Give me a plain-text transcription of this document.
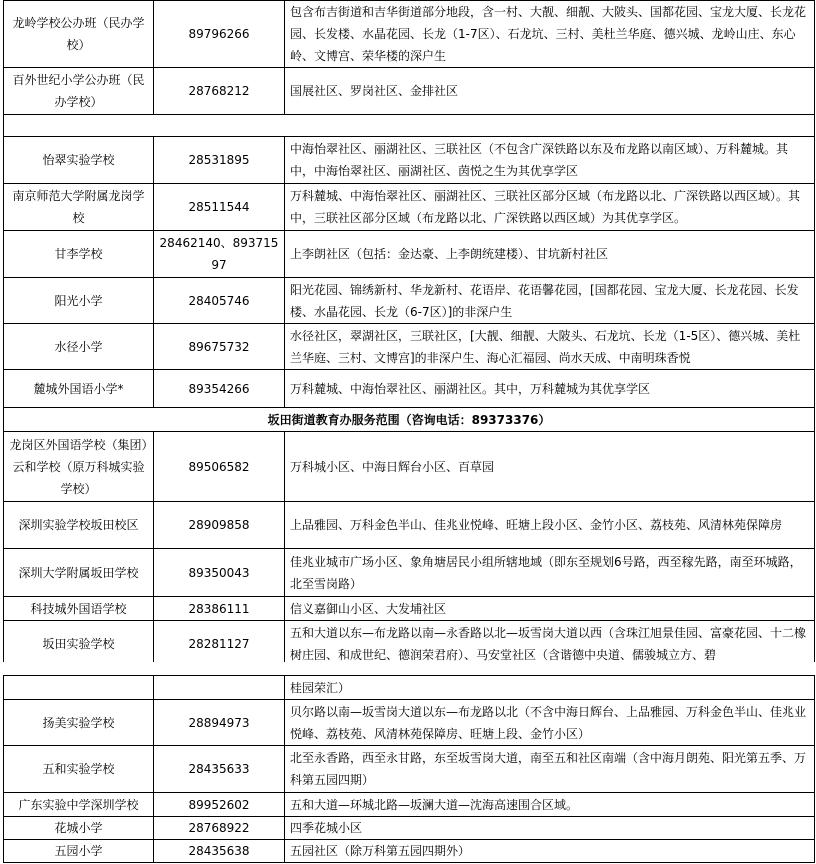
龙岭学校公办班（民办学校）	89796266	包含布吉街道和吉华街道部分地段，含一村、大靓、细靓、大陂头、国都花园、宝龙大厦、长龙花园、长发楼、水晶花园、长龙（1-7区）、石龙坑、三村、美杜兰华庭、德兴城、龙岭山庄、东心岭、文博宫、荣华楼的深户生
百外世纪小学公办班（民办学校）	28768212	国展社区、罗岗社区、金排社区

怡翠实验学校	28531895	中海怡翠社区、丽湖社区、三联社区（不包含广深铁路以东及布龙路以南区域）、万科麓城。其中，中海怡翠社区、丽湖社区、茵悦之生为其优享学区
南京师范大学附属龙岗学校	28511544	万科麓城、中海怡翠社区、丽湖社区、三联社区部分区域（布龙路以北、广深铁路以西区域）。其中，三联社区部分区域（布龙路以北、广深铁路以西区域）为其优享学区。
甘李学校	28462140、89371597	上李朗社区（包括：金达豪、上李朗统建楼）、甘坑新村社区
阳光小学	28405746	阳光花园、锦绣新村、华龙新村、花语岸、花语馨花园，[国都花园、宝龙大厦、长龙花园、长发楼、水晶花园、长龙（6-7区）]的非深户生
水径小学	89675732	水径社区，翠湖社区，三联社区，[大靓、细靓、大陂头、石龙坑、长龙（1-5区）、德兴城、美杜兰华庭、三村、文博宫]的非深户生、海心汇福园、尚水天成、中南明珠香悦
麓城外国语小学*	89354266	万科麓城、中海怡翠社区、丽湖社区。其中，万科麓城为其优享学区
坂田街道教育办服务范围（咨询电话：89373376）		
龙岗区外国语学校（集团）云和学校（原万科城实验学校）	89506582	万科城小区、中海日辉台小区、百草园
深圳实验学校坂田校区	28909858	上品雅园、万科金色半山、佳兆业悦峰、旺塘上段小区、金竹小区、荔枝苑、风清林苑保障房
深圳大学附属坂田学校	89350043	佳兆业城市广场小区、象角塘居民小组所辖地域（即东至规划6号路，西至稼先路，南至环城路，北至雪岗路）
科技城外国语学校	28386111	信义嘉御山小区、大发埔社区
坂田实验学校	28281127	五和大道以东—布龙路以南—永香路以北—坂雪岗大道以西（含珠江旭景佳园、富豪花园、十二橡树庄园、和成世纪、德润荣君府）、马安堂社区（含谐德中央道、儒骏城立方、碧
		桂园荣汇）
扬美实验学校	28894973	贝尔路以南—坂雪岗大道以东—布龙路以北（不含中海日辉台、上品雅园、万科金色半山、佳兆业悦峰、荔枝苑、风清林苑保障房、旺塘上段、金竹小区）
五和实验学校	28435633	北至永香路，西至永甘路，东至坂雪岗大道，南至五和社区南端（含中海月朗苑、阳光第五季、万科第五园四期）
广东实验中学深圳学校	89952602	五和大道—环城北路—坂澜大道—沈海高速围合区域。
花城小学	28768922	四季花城小区
五园小学	28435638	五园社区（除万科第五园四期外）
